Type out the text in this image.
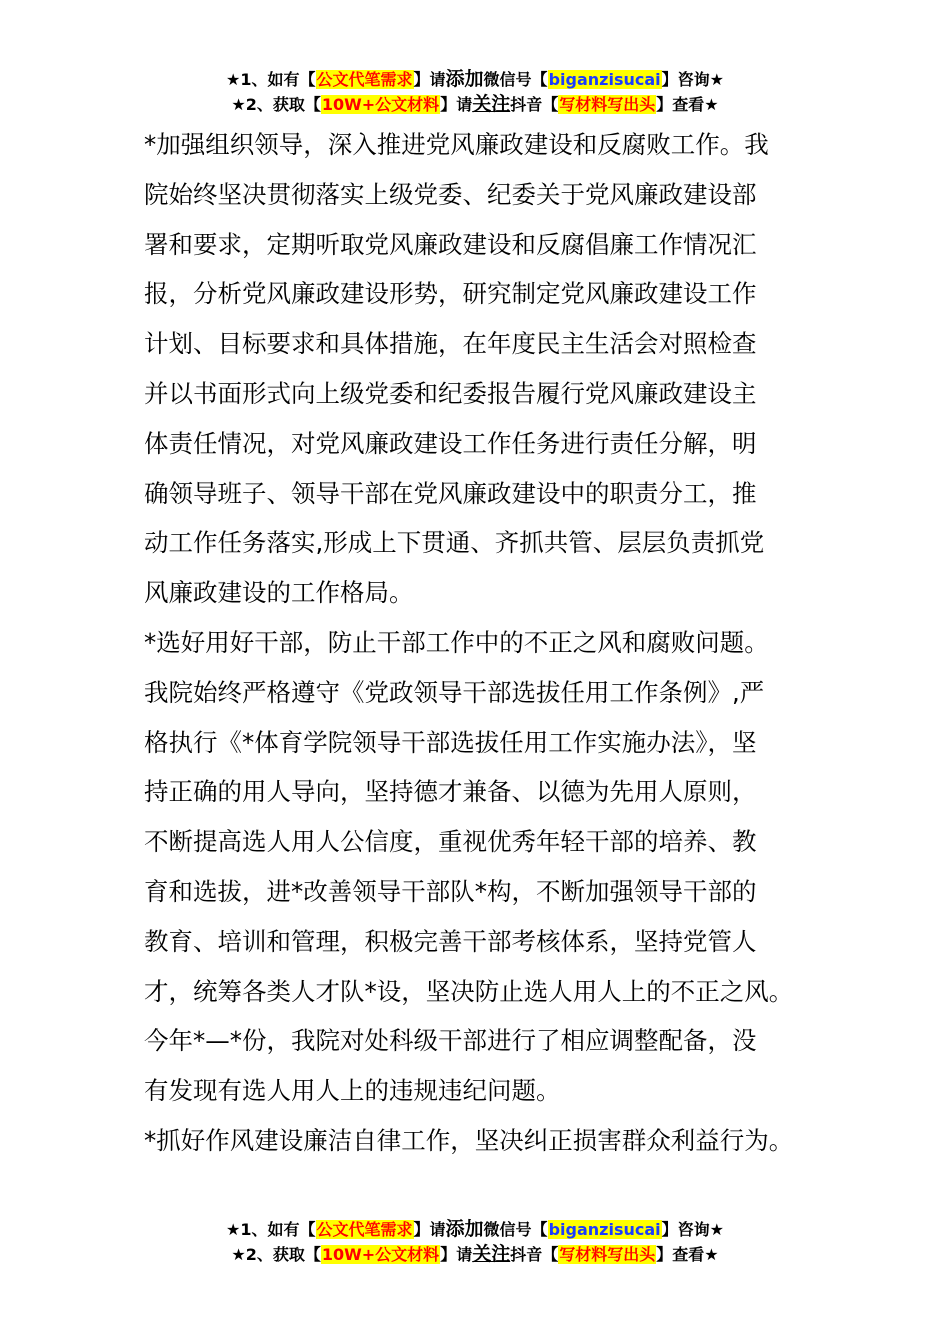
★1、如有【公文代笔需求】请添加微信号【biganzisucai】咨询★

★2、获取【10W+公文材料】请关注抖音【写材料写出头】查看★

*加强组织领导，深入推进党风廉政建设和反腐败工作。我

院始终坚决贯彻落实上级党委、纪委关于党风廉政建设部

署和要求，定期听取党风廉政建设和反腐倡廉工作情况汇

报，分析党风廉政建设形势，研究制定党风廉政建设工作

计划、目标要求和具体措施，在年度民主生活会对照检查

并以书面形式向上级党委和纪委报告履行党风廉政建设主

体责任情况，对党风廉政建设工作任务进行责任分解，明

确领导班子、领导干部在党风廉政建设中的职责分工，推

动工作任务落实,形成上下贯通、齐抓共管、层层负责抓党

风廉政建设的工作格局。

*选好用好干部，防止干部工作中的不正之风和腐败问题。

我院始终严格遵守《党政领导干部选拔任用工作条例》,严

格执行《*体育学院领导干部选拔任用工作实施办法》，坚

持正确的用人导向，坚持德才兼备、以德为先用人原则，

不断提高选人用人公信度，重视优秀年轻干部的培养、教

育和选拔，进*改善领导干部队*构，不断加强领导干部的

教育、培训和管理，积极完善干部考核体系，坚持党管人

才，统筹各类人才队*设，坚决防止选人用人上的不正之风。

今年*—*份，我院对处科级干部进行了相应调整配备，没

有发现有选人用人上的违规违纪问题。

*抓好作风建设廉洁自律工作，坚决纠正损害群众利益行为。

★1、如有【公文代笔需求】请添加微信号【biganzisucai】咨询★

★2、获取【10W+公文材料】请关注抖音【写材料写出头】查看★
